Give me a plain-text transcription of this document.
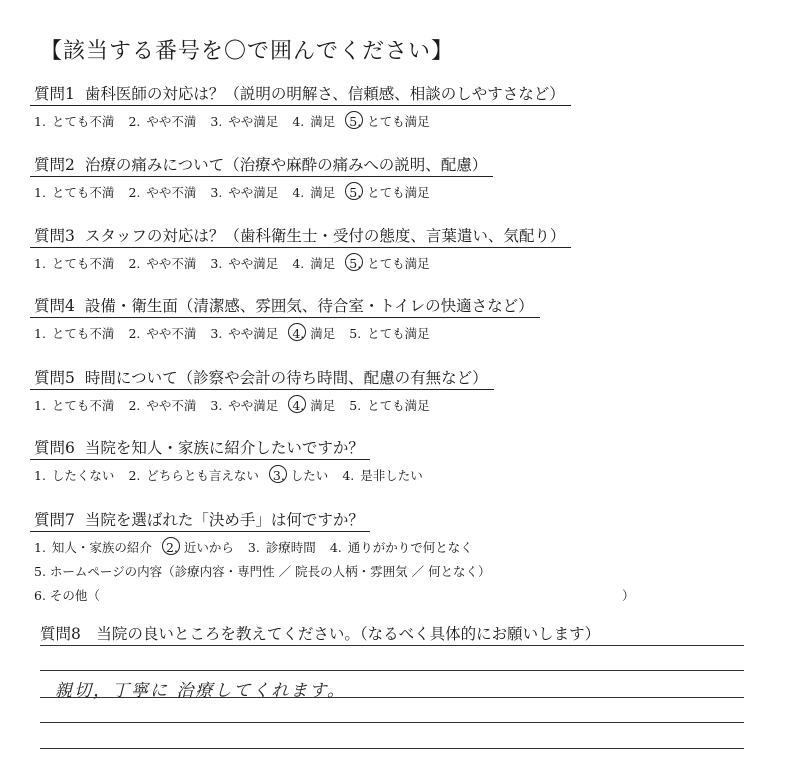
【該当する番号を〇で囲んでください】
質問1 歯科医師の対応は？（説明の明解さ、信頼感、相談のしやすさなど）
1. とても不満 2. やや不満 3. やや満足 4. 満足 5. とても満足
質問2 治療の痛みについて（治療や麻酔の痛みへの説明、配慮）
1. とても不満 2. やや不満 3. やや満足 4. 満足 5. とても満足
質問3 スタッフの対応は？（歯科衛生士・受付の態度、言葉遣い、気配り）
1. とても不満 2. やや不満 3. やや満足 4. 満足 5. とても満足
質問4 設備・衛生面（清潔感、雰囲気、待合室・トイレの快適さなど）
1. とても不満 2. やや不満 3. やや満足 4. 満足 5. とても満足
質問5 時間について（診察や会計の待ち時間、配慮の有無など）
1. とても不満 2. やや不満 3. やや満足 4. 満足 5. とても満足
質問6 当院を知人・家族に紹介したいですか？
1. したくない 2. どちらとも言えない 3. したい 4. 是非したい
質問7 当院を選ばれた「決め手」は何ですか？
1. 知人・家族の紹介 2. 近いから 3. 診療時間 4. 通りがかりで何となく
5. ホームページの内容（診療内容・専門性 ／ 院長の人柄・雰囲気 ／ 何となく）
6. その他（	）
質問8　当院の良いところを教えてください。（なるべく具体的にお願いします）
親切，丁寧に 治療してくれます。
